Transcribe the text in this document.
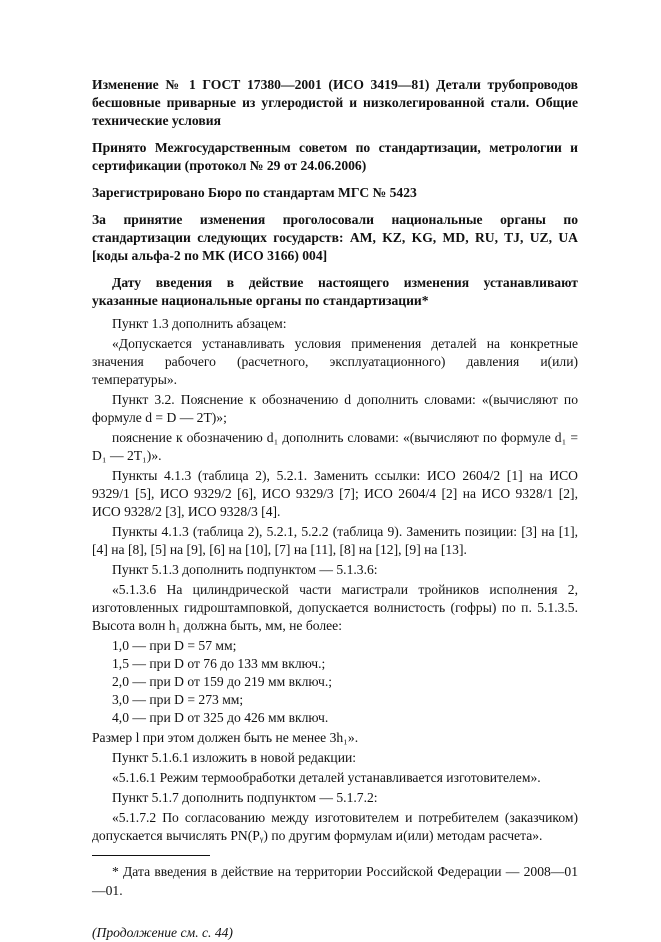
Изменение № 1 ГОСТ 17380—2001 (ИСО 3419—81) Детали трубопроводов бесшовные приварные из углеродистой и низколегированной стали. Общие технические условия

Принято Межгосударственным советом по стандартизации, метрологии и сертификации (протокол № 29 от 24.06.2006)

Зарегистрировано Бюро по стандартам МГС № 5423

За принятие изменения проголосовали национальные органы по стандартизации следующих государств: AM, KZ, KG, MD, RU, TJ, UZ, UA [коды альфа-2 по МК (ИСО 3166) 004]

Дату введения в действие настоящего изменения устанавливают указанные национальные органы по стандартизации*

Пункт 1.3 дополнить абзацем:

«Допускается устанавливать условия применения деталей на конкретные значения рабочего (расчетного, эксплуатационного) давления и(или) температуры».

Пункт 3.2. Пояснение к обозначению d дополнить словами: «(вычисляют по формуле d = D — 2T)»;

пояснение к обозначению d₁ дополнить словами: «(вычисляют по формуле d₁ = D₁ — 2T₁)».

Пункты 4.1.3 (таблица 2), 5.2.1. Заменить ссылки: ИСО 2604/2 [1] на ИСО 9329/1 [5], ИСО 9329/2 [6], ИСО 9329/3 [7]; ИСО 2604/4 [2] на ИСО 9328/1 [2], ИСО 9328/2 [3], ИСО 9328/3 [4].

Пункты 4.1.3 (таблица 2), 5.2.1, 5.2.2 (таблица 9). Заменить позиции: [3] на [1], [4] на [8], [5] на [9], [6] на [10], [7] на [11], [8] на [12], [9] на [13].

Пункт 5.1.3 дополнить подпунктом — 5.1.3.6:

«5.1.3.6 На цилиндрической части магистрали тройников исполнения 2, изготовленных гидроштамповкой, допускается волнистость (гофры) по п. 5.1.3.5. Высота волн h₁ должна быть, мм, не более:

1,0 — при D = 57 мм;

1,5 — при D от 76 до 133 мм включ.;

2,0 — при D от 159 до 219 мм включ.;

3,0 — при D = 273 мм;

4,0 — при D от 325 до 426 мм включ.

Размер l при этом должен быть не менее 3h₁».

Пункт 5.1.6.1 изложить в новой редакции:

«5.1.6.1 Режим термообработки деталей устанавливается изготовителем».

Пункт 5.1.7 дополнить подпунктом — 5.1.7.2:

«5.1.7.2 По согласованию между изготовителем и потребителем (заказчиком) допускается вычислять PN(Pᵧ) по другим формулам и(или) методам расчета».

* Дата введения в действие на территории Российской Федерации — 2008—01—01.

(Продолжение см. с. 44)
